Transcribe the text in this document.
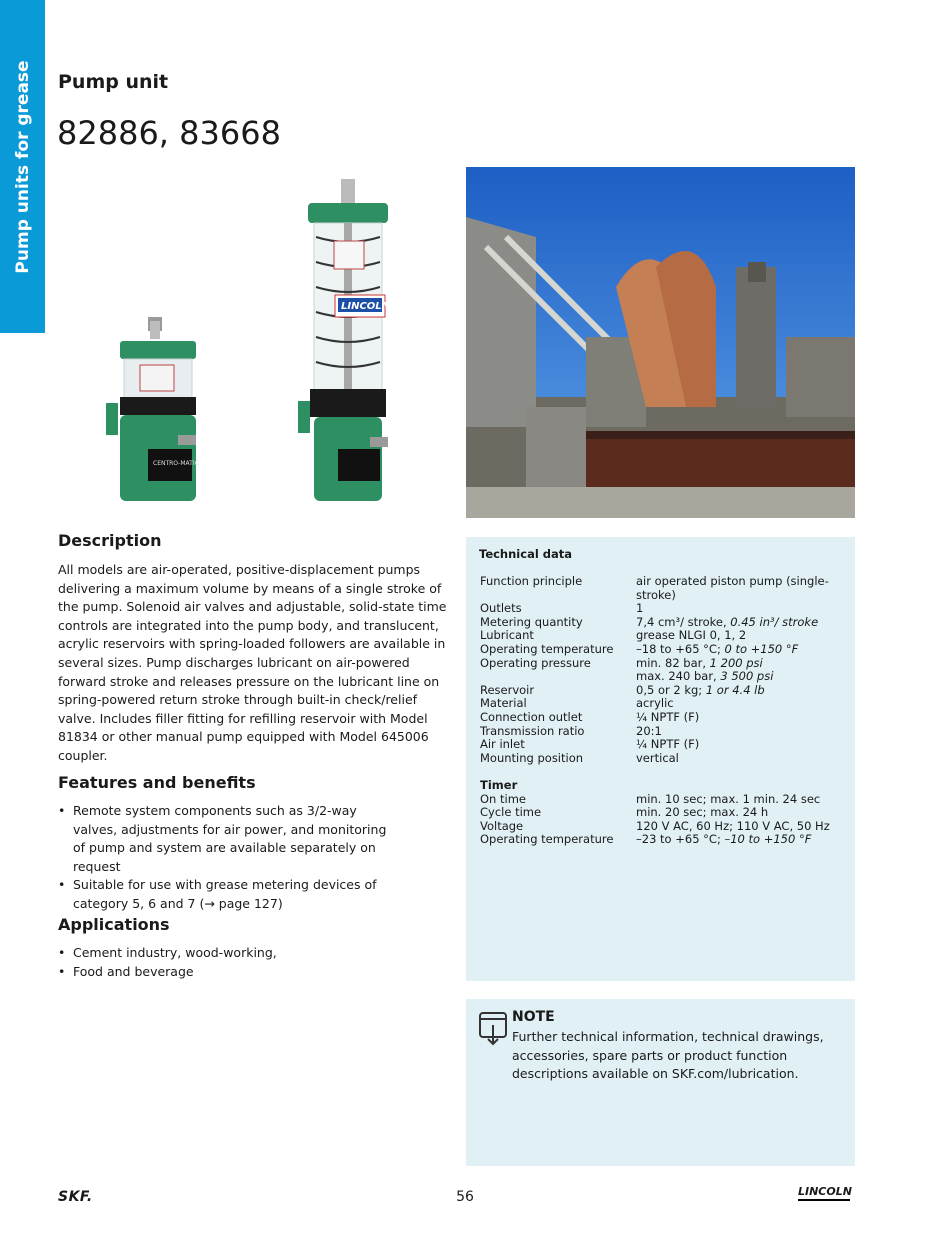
Pump units for grease Pump unit
82886, 83668
CENTRO-MATIC
LINCOLN
Technical data
Function principle	air operated piston pump (single-stroke)
Outlets	1
Metering quantity	7,4 cm³/ stroke, 0.45 in³/ stroke
Lubricant	grease NLGI 0, 1, 2
Operating temperature	–18 to +65 °C; 0 to +150 °F
Operating pressure	min. 82 bar, 1 200 psi
max. 240 bar, 3 500 psi
Reservoir	0,5 or 2 kg; 1 or 4.4 lb
Material	acrylic
Connection outlet	¼ NPTF (F)
Transmission ratio	20:1
Air inlet	¼ NPTF (F)
Mounting position	vertical
Timer
On time	min. 10 sec; max. 1 min. 24 sec
Cycle time	min. 20 sec; max. 24 h
Voltage	120 V AC, 60 Hz; 110 V AC, 50 Hz
Operating temperature	–23 to +65 °C; –10 to +150 °F
Description
All models are air-operated, positive-displacement pumps delivering a maximum volume by means of a single stroke of the pump. Solenoid air valves and adjustable, solid-state time controls are integrated into the pump body, and translucent, acrylic reservoirs with spring-loaded followers are available in several sizes. Pump discharges lubricant on air-powered forward stroke and releases pressure on the lubricant line on spring-powered return stroke through built-in check/relief valve. Includes filler fitting for refilling reservoir with Model 81834 or other manual pump equipped with Model 645006 coupler.
Features and benefits
• Remote system components such as 3/2-way valves, adjustments for air power, and monitoring of pump and system are available separately on request
• Suitable for use with grease metering devices of category 5, 6 and 7 (→ page 127)
Applications
• Cement industry, wood-working,
• Food and beverage
NOTE
Further technical information, technical drawings, accessories, spare parts or product function descriptions available on SKF.com/lubrication.
SKF.	56	LINCOLN
